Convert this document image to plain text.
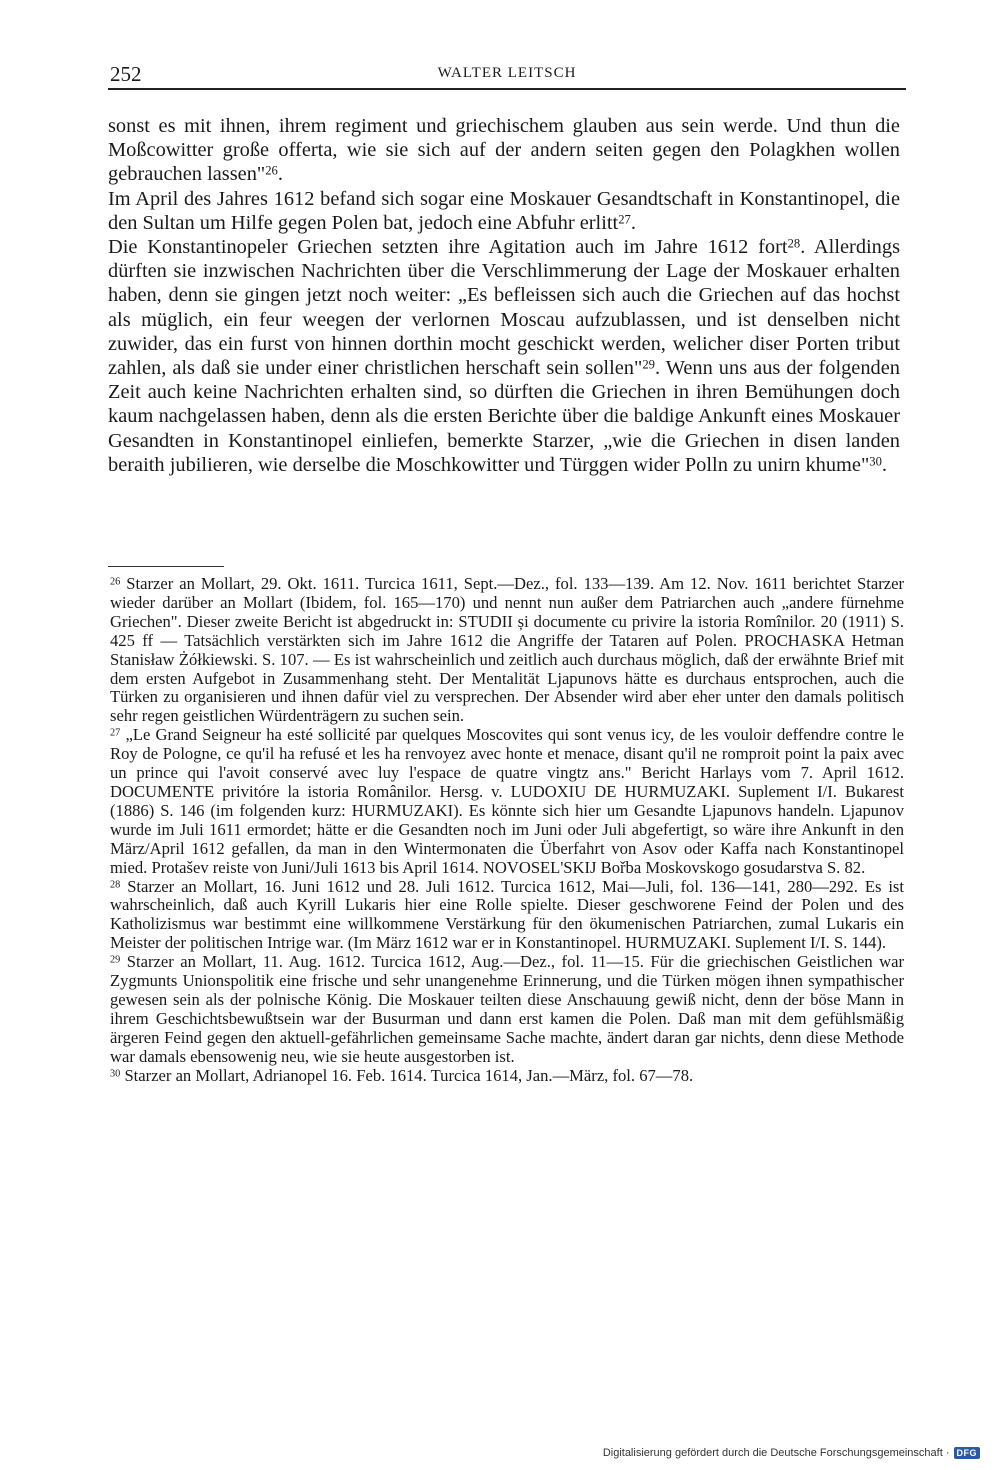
252	WALTER LEITSCH

sonst es mit ihnen, ihrem regiment und griechischem glauben aus sein werde. Und thun die Moßcowitter große offerta, wie sie sich auf der andern seiten gegen den Polagkhen wollen gebrauchen lassen"$^{26}$.

Im April des Jahres 1612 befand sich sogar eine Moskauer Gesandtschaft in Konstantinopel, die den Sultan um Hilfe gegen Polen bat, jedoch eine Abfuhr erlitt$^{27}$.

Die Konstantinopeler Griechen setzten ihre Agitation auch im Jahre 1612 fort$^{28}$. Allerdings dürften sie inzwischen Nachrichten über die Verschlimmerung der Lage der Moskauer erhalten haben, denn sie gingen jetzt noch weiter: „Es befleissen sich auch die Griechen auf das hochst als müglich, ein feur weegen der verlornen Moscau aufzublassen, und ist denselben nicht zuwider, das ein furst von hinnen dorthin mocht geschickt werden, welicher diser Porten tribut zahlen, als daß sie under einer christlichen herschaft sein sollen"$^{29}$. Wenn uns aus der folgenden Zeit auch keine Nachrichten erhalten sind, so dürften die Griechen in ihren Bemühungen doch kaum nachgelassen haben, denn als die ersten Berichte über die baldige Ankunft eines Moskauer Gesandten in Konstantinopel einliefen, bemerkte Starzer, „wie die Griechen in disen landen beraith jubilieren, wie derselbe die Moschkowitter und Türggen wider Polln zu unirn khume"$^{30}$.

$^{26}$ Starzer an Mollart, 29. Okt. 1611. Turcica 1611, Sept.—Dez., fol. 133—139. Am 12. Nov. 1611 berichtet Starzer wieder darüber an Mollart (Ibidem, fol. 165—170) und nennt nun außer dem Patriarchen auch „andere fürnehme Griechen". Dieser zweite Bericht ist abgedruckt in: STUDII și documente cu privire la istoria Romînilor. 20 (1911) S. 425 ff — Tatsächlich verstärkten sich im Jahre 1612 die Angriffe der Tataren auf Polen. PROCHASKA Hetman Stanisław Żółkiewski. S. 107. — Es ist wahrscheinlich und zeitlich auch durchaus möglich, daß der erwähnte Brief mit dem ersten Aufgebot in Zusammenhang steht. Der Mentalität Ljapunovs hätte es durchaus entsprochen, auch die Türken zu organisieren und ihnen dafür viel zu versprechen. Der Absender wird aber eher unter den damals politisch sehr regen geistlichen Würdenträgern zu suchen sein.

$^{27}$ „Le Grand Seigneur ha esté sollicité par quelques Moscovites qui sont venus icy, de les vouloir deffendre contre le Roy de Pologne, ce qu'il ha refusé et les ha renvoyez avec honte et menace, disant qu'il ne romproit point la paix avec un prince qui l'avoit conservé avec luy l'espace de quatre vingtz ans." Bericht Harlays vom 7. April 1612. DOCUMENTE privitóre la istoria Românilor. Hersg. v. LUDOXIU DE HURMUZAKI. Suplement I/I. Bukarest (1886) S. 146 (im folgenden kurz: HURMUZAKI). Es könnte sich hier um Gesandte Ljapunovs handeln. Ljapunov wurde im Juli 1611 ermordet; hätte er die Gesandten noch im Juni oder Juli abgefertigt, so wäre ihre Ankunft in den März/April 1612 gefallen, da man in den Wintermonaten die Überfahrt von Asov oder Kaffa nach Konstantinopel mied. Protašev reiste von Juni/Juli 1613 bis April 1614. NOVOSEL'SKIJ Bořba Moskovskogo gosudarstva S. 82.

$^{28}$ Starzer an Mollart, 16. Juni 1612 und 28. Juli 1612. Turcica 1612, Mai—Juli, fol. 136—141, 280—292. Es ist wahrscheinlich, daß auch Kyrill Lukaris hier eine Rolle spielte. Dieser geschworene Feind der Polen und des Katholizismus war bestimmt eine willkommene Verstärkung für den ökumenischen Patriarchen, zumal Lukaris ein Meister der politischen Intrige war. (Im März 1612 war er in Konstantinopel. HURMUZAKI. Suplement I/I. S. 144).

$^{29}$ Starzer an Mollart, 11. Aug. 1612. Turcica 1612, Aug.—Dez., fol. 11—15. Für die griechischen Geistlichen war Zygmunts Unionspolitik eine frische und sehr unangenehme Erinnerung, und die Türken mögen ihnen sympathischer gewesen sein als der polnische König. Die Moskauer teilten diese Anschauung gewiß nicht, denn der böse Mann in ihrem Geschichtsbewußtsein war der Busurman und dann erst kamen die Polen. Daß man mit dem gefühlsmäßig ärgeren Feind gegen den aktuell-gefährlichen gemeinsame Sache machte, ändert daran gar nichts, denn diese Methode war damals ebensowenig neu, wie sie heute ausgestorben ist.

$^{30}$ Starzer an Mollart, Adrianopel 16. Feb. 1614. Turcica 1614, Jan.—März, fol. 67—78.

Digitalisierung gefördert durch die Deutsche Forschungsgemeinschaft · DFG
